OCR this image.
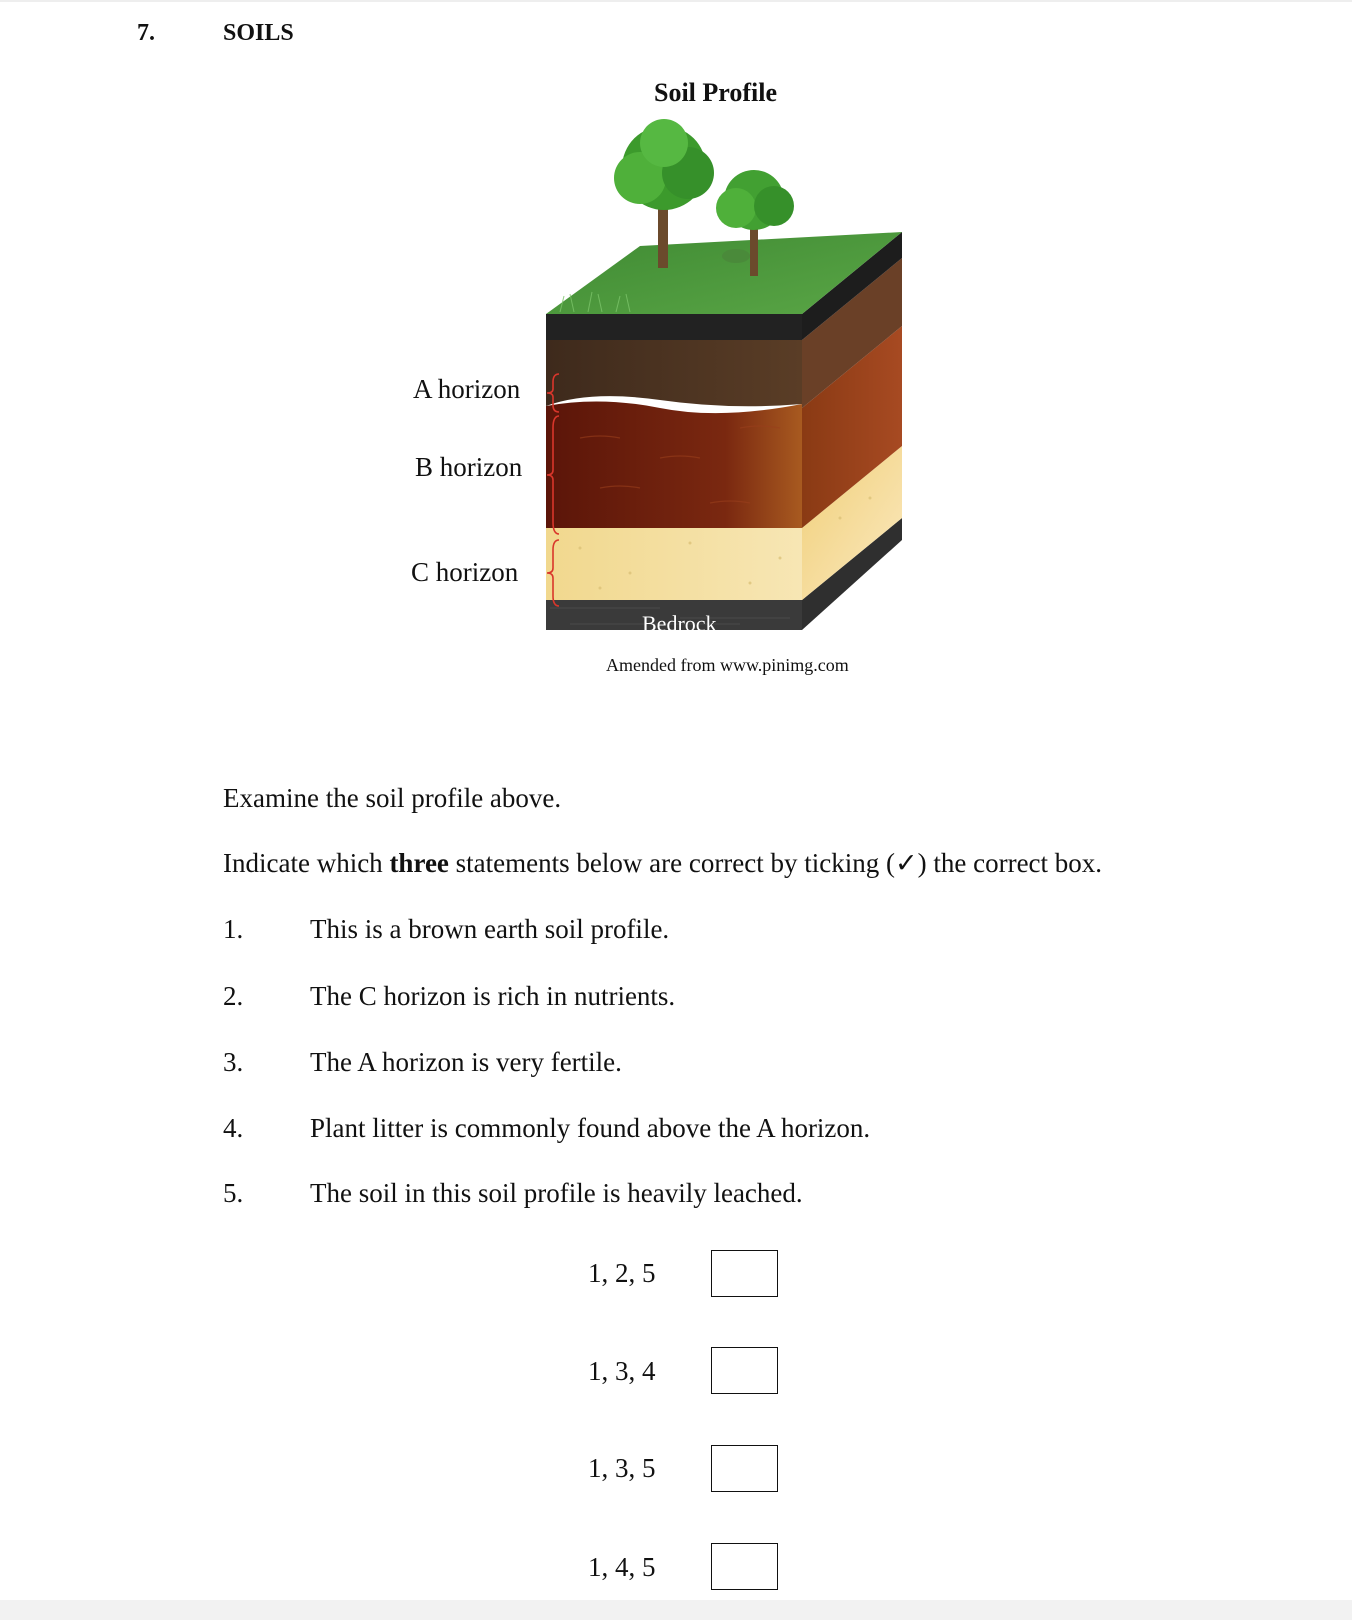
7.	SOILS
Soil Profile
A horizon
B horizon
C horizon
Bedrock
Amended from www.pinimg.com
Examine the soil profile above.
Indicate which three statements below are correct by ticking (✓) the correct box.
1. This is a brown earth soil profile.
2. The C horizon is rich in nutrients.
3. The A horizon is very fertile.
4. Plant litter is commonly found above the A horizon.
5. The soil in this soil profile is heavily leached.
1, 2, 5
1, 3, 4
1, 3, 5
1, 4, 5
